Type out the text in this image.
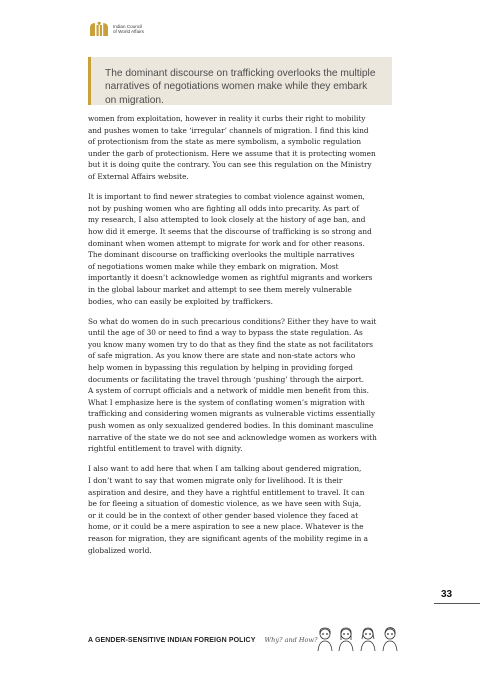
Indian Council
of World Affairs

The dominant discourse on trafficking overlooks the multiple
narratives of negotiations women make while they embark
on migration.

women from exploitation, however in reality it curbs their right to mobility
and pushes women to take ‘irregular’ channels of migration. I find this kind
of protectionism from the state as mere symbolism, a symbolic regulation
under the garb of protectionism. Here we assume that it is protecting women
but it is doing quite the contrary. You can see this regulation on the Ministry
of External Affairs website.

It is important to find newer strategies to combat violence against women,
not by pushing women who are fighting all odds into precarity. As part of
my research, I also attempted to look closely at the history of age ban, and
how did it emerge. It seems that the discourse of trafficking is so strong and
dominant when women attempt to migrate for work and for other reasons.
The dominant discourse on trafficking overlooks the multiple narratives
of negotiations women make while they embark on migration. Most
importantly it doesn’t acknowledge women as rightful migrants and workers
in the global labour market and attempt to see them merely vulnerable
bodies, who can easily be exploited by traffickers.

So what do women do in such precarious conditions? Either they have to wait
until the age of 30 or need to find a way to bypass the state regulation. As
you know many women try to do that as they find the state as not facilitators
of safe migration. As you know there are state and non-state actors who
help women in bypassing this regulation by helping in providing forged
documents or facilitating the travel through ‘pushing’ through the airport.
A system of corrupt officials and a network of middle men benefit from this.
What I emphasize here is the system of conflating women’s migration with
trafficking and considering women migrants as vulnerable victims essentially
push women as only sexualized gendered bodies. In this dominant masculine
narrative of the state we do not see and acknowledge women as workers with
rightful entitlement to travel with dignity.

I also want to add here that when I am talking about gendered migration,
I don’t want to say that women migrate only for livelihood. It is their
aspiration and desire, and they have a rightful entitlement to travel. It can
be for fleeing a situation of domestic violence, as we have seen with Suja,
or it could be in the context of other gender based violence they faced at
home, or it could be a mere aspiration to see a new place. Whatever is the
reason for migration, they are significant agents of the mobility regime in a
globalized world.

33
A GENDER-SENSITIVE INDIAN FOREIGN POLICY Why? and How?
